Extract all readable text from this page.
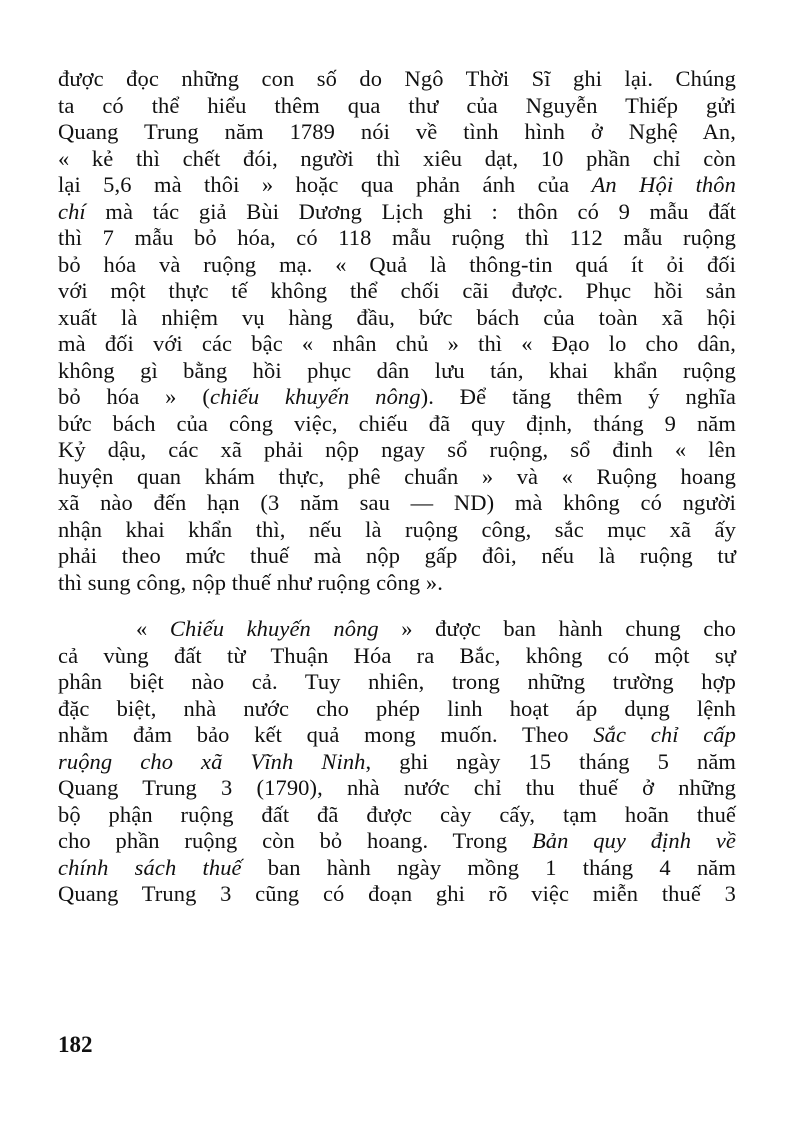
được đọc những con số do Ngô Thời Sĩ ghi lại. Chúng
ta có thể hiểu thêm qua thư của Nguyễn Thiếp gửi
Quang Trung năm 1789 nói về tình hình ở Nghệ An,
« kẻ thì chết đói, người thì xiêu dạt, 10 phần chỉ còn
lại 5,6 mà thôi » hoặc qua phản ánh của An Hội thôn
chí mà tác giả Bùi Dương Lịch ghi : thôn có 9 mẫu đất
thì 7 mẫu bỏ hóa, có 118 mẫu ruộng thì 112 mẫu ruộng
bỏ hóa và ruộng mạ. « Quả là thông-tin quá ít ỏi đối
với một thực tế không thể chối cãi được. Phục hồi sản
xuất là nhiệm vụ hàng đầu, bức bách của toàn xã hội
mà đối với các bậc « nhân chủ » thì « Đạo lo cho dân,
không gì bằng hồi phục dân lưu tán, khai khẩn ruộng
bỏ hóa » (chiếu khuyến nông). Để tăng thêm ý nghĩa
bức bách của công việc, chiếu đã quy định, tháng 9 năm
Kỷ dậu, các xã phải nộp ngay sổ ruộng, sổ đinh « lên
huyện quan khám thực, phê chuẩn » và « Ruộng hoang
xã nào đến hạn (3 năm sau — ND) mà không có người
nhận khai khẩn thì, nếu là ruộng công, sắc mục xã ấy
phải theo mức thuế mà nộp gấp đôi, nếu là ruộng tư
thì sung công, nộp thuế như ruộng công ».
« Chiếu khuyến nông » được ban hành chung cho
cả vùng đất từ Thuận Hóa ra Bắc, không có một sự
phân biệt nào cả. Tuy nhiên, trong những trường hợp
đặc biệt, nhà nước cho phép linh hoạt áp dụng lệnh
nhằm đảm bảo kết quả mong muốn. Theo Sắc chỉ cấp
ruộng cho xã Vĩnh Ninh, ghi ngày 15 tháng 5 năm
Quang Trung 3 (1790), nhà nước chỉ thu thuế ở những
bộ phận ruộng đất đã được cày cấy, tạm hoãn thuế
cho phần ruộng còn bỏ hoang. Trong Bản quy định về
chính sách thuế ban hành ngày mồng 1 tháng 4 năm
Quang Trung 3 cũng có đoạn ghi rõ việc miễn thuế 3
182
